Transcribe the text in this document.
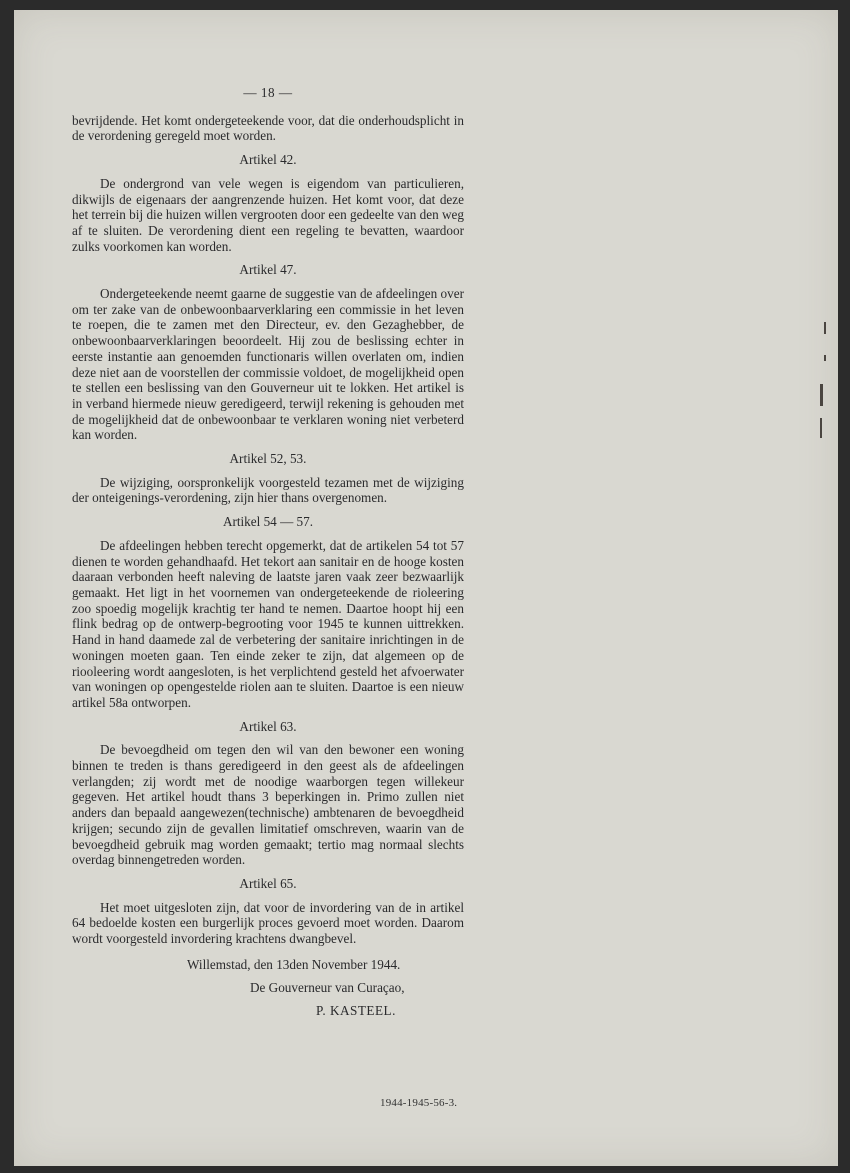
— 18 —

bevrijdende. Het komt ondergeteekende voor, dat die onderhoudsplicht in de verordening geregeld moet worden.

Artikel 42.

De ondergrond van vele wegen is eigendom van particulieren, dikwijls de eigenaars der aangrenzende huizen. Het komt voor, dat deze het terrein bij die huizen willen vergrooten door een gedeelte van den weg af te sluiten. De verordening dient een regeling te bevatten, waardoor zulks voorkomen kan worden.

Artikel 47.

Ondergeteekende neemt gaarne de suggestie van de afdeelingen over om ter zake van de onbewoonbaarverklaring een commissie in het leven te roepen, die te zamen met den Directeur, ev. den Gezaghebber, de onbewoonbaarverklaringen beoordeelt. Hij zou de beslissing echter in eerste instantie aan genoemden functionaris willen overlaten om, indien deze niet aan de voorstellen der commissie voldoet, de mogelijkheid open te stellen een beslissing van den Gouverneur uit te lokken. Het artikel is in verband hiermede nieuw geredigeerd, terwijl rekening is gehouden met de mogelijkheid dat de onbewoonbaar te verklaren woning niet verbeterd kan worden.

Artikel 52, 53.

De wijziging, oorspronkelijk voorgesteld tezamen met de wijziging der onteigenings-verordening, zijn hier thans overgenomen.

Artikel 54 — 57.

De afdeelingen hebben terecht opgemerkt, dat de artikelen 54 tot 57 dienen te worden gehandhaafd. Het tekort aan sanitair en de hooge kosten daaraan verbonden heeft naleving de laatste jaren vaak zeer bezwaarlijk gemaakt. Het ligt in het voornemen van ondergeteekende de rioleering zoo spoedig mogelijk krachtig ter hand te nemen. Daartoe hoopt hij een flink bedrag op de ontwerp-begrooting voor 1945 te kunnen uittrekken. Hand in hand daamede zal de verbetering der sanitaire inrichtingen in de woningen moeten gaan. Ten einde zeker te zijn, dat algemeen op de riooleering wordt aangesloten, is het verplichtend gesteld het afvoerwater van woningen op opengestelde riolen aan te sluiten. Daartoe is een nieuw artikel 58a ontworpen.

Artikel 63.

De bevoegdheid om tegen den wil van den bewoner een woning binnen te treden is thans geredigeerd in den geest als de afdeelingen verlangden; zij wordt met de noodige waarborgen tegen willekeur gegeven. Het artikel houdt thans 3 beperkingen in. Primo zullen niet anders dan bepaald aangewezen(technische) ambtenaren de bevoegdheid krijgen; secundo zijn de gevallen limitatief omschreven, waarin van de bevoegdheid gebruik mag worden gemaakt; tertio mag normaal slechts overdag binnengetreden worden.

Artikel 65.

Het moet uitgesloten zijn, dat voor de invordering van de in artikel 64 bedoelde kosten een burgerlijk proces gevoerd moet worden. Daarom wordt voorgesteld invordering krachtens dwangbevel.

Willemstad, den 13den November 1944.

De Gouverneur van Curaçao,

P. KASTEEL.

1944-1945-56-3.
